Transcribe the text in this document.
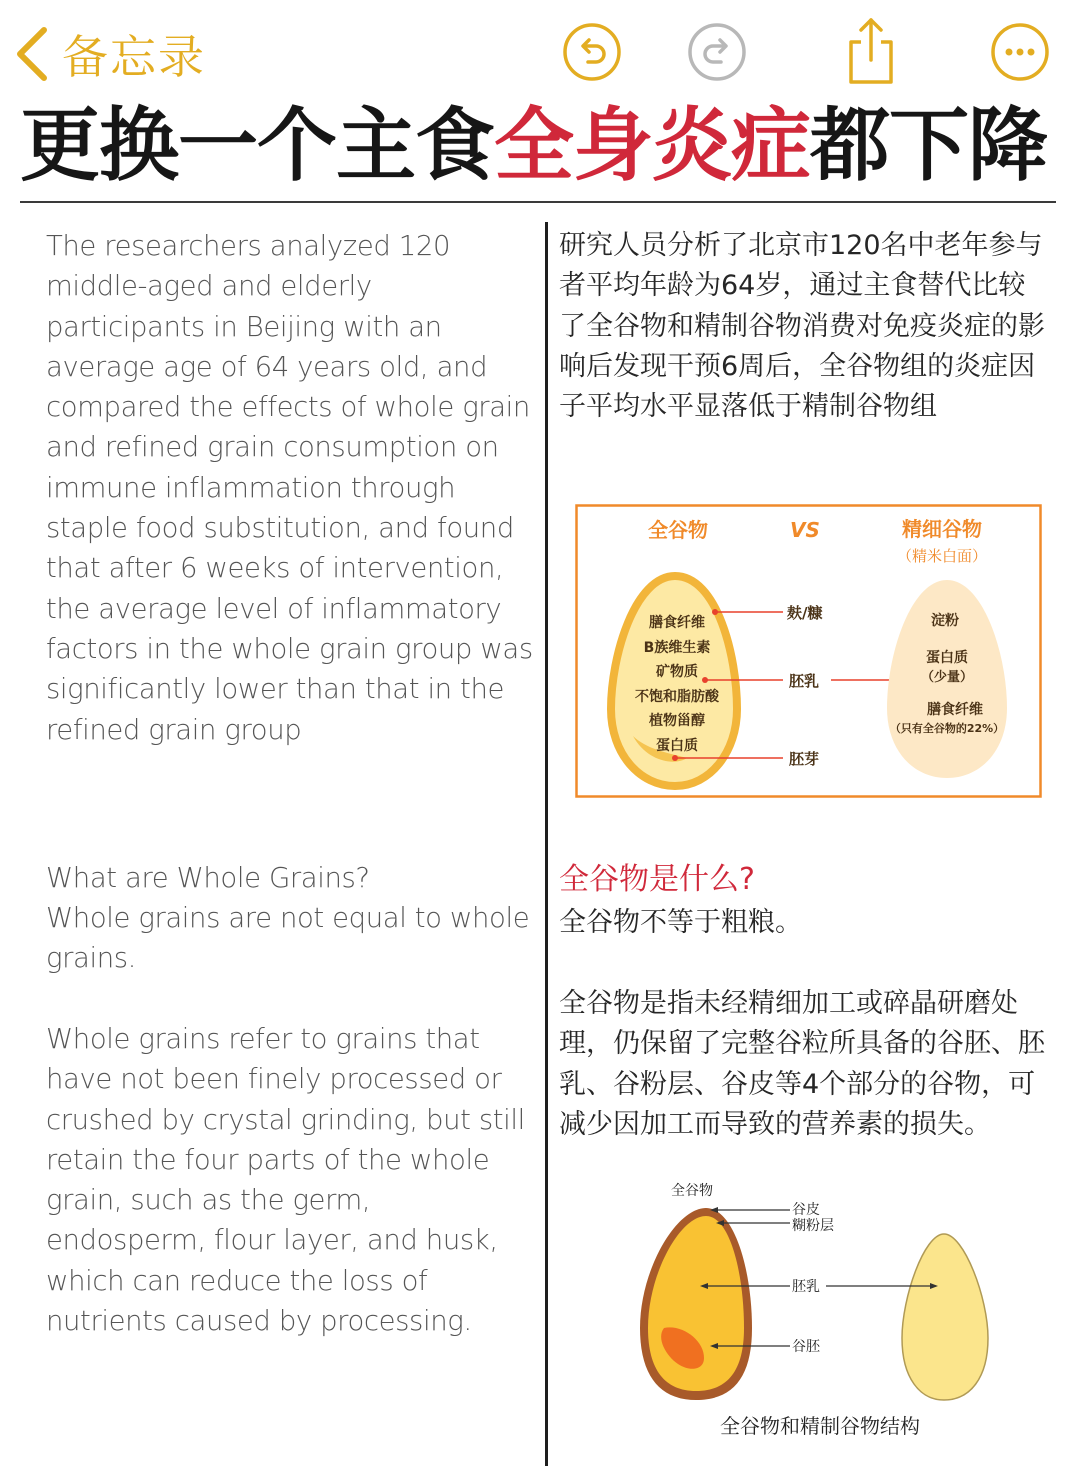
备忘录
更换一个主食全身炎症都下降
The researchers analyzed 120 middle-aged and elderly participants in Beijing with an average age of 64 years old, and compared the effects of whole grain and refined grain consumption on immune inflammation through staple food substitution, and found that after 6 weeks of intervention, the average level of inflammatory factors in the whole grain group was significantly lower than that in the refined grain group
What are Whole Grains?
Whole grains are not equal to whole grains.
Whole grains refer to grains that have not been finely processed or crushed by crystal grinding, but still retain the four parts of the whole grain, such as the germ, endosperm, flour layer, and husk, which can reduce the loss of nutrients caused by processing.
研究人员分析了北京市120名中老年参与者平均年龄为64岁，通过主食替代比较了全谷物和精制谷物消费对免疫炎症的影响后发现干预6周后，全谷物组的炎症因子平均水平显落低于精制谷物组
全谷物是什么?
全谷物不等于粗粮。
全谷物是指未经精细加工或碎晶研磨处理，仍保留了完整谷粒所具备的谷胚、胚乳、谷粉层、谷皮等4个部分的谷物，可减少因加工而导致的营养素的损失。
全谷物	VS	精细谷物
（精米白面）
膳食纤维
B族维生素
矿物质
不饱和脂肪酸
植物甾醇
蛋白质
麸/糠
胚乳
胚芽
淀粉
蛋白质
（少量）
膳食纤维
（只有全谷物的22%）
全谷物
谷皮
糊粉层
胚乳
谷胚
全谷物和精制谷物结构
